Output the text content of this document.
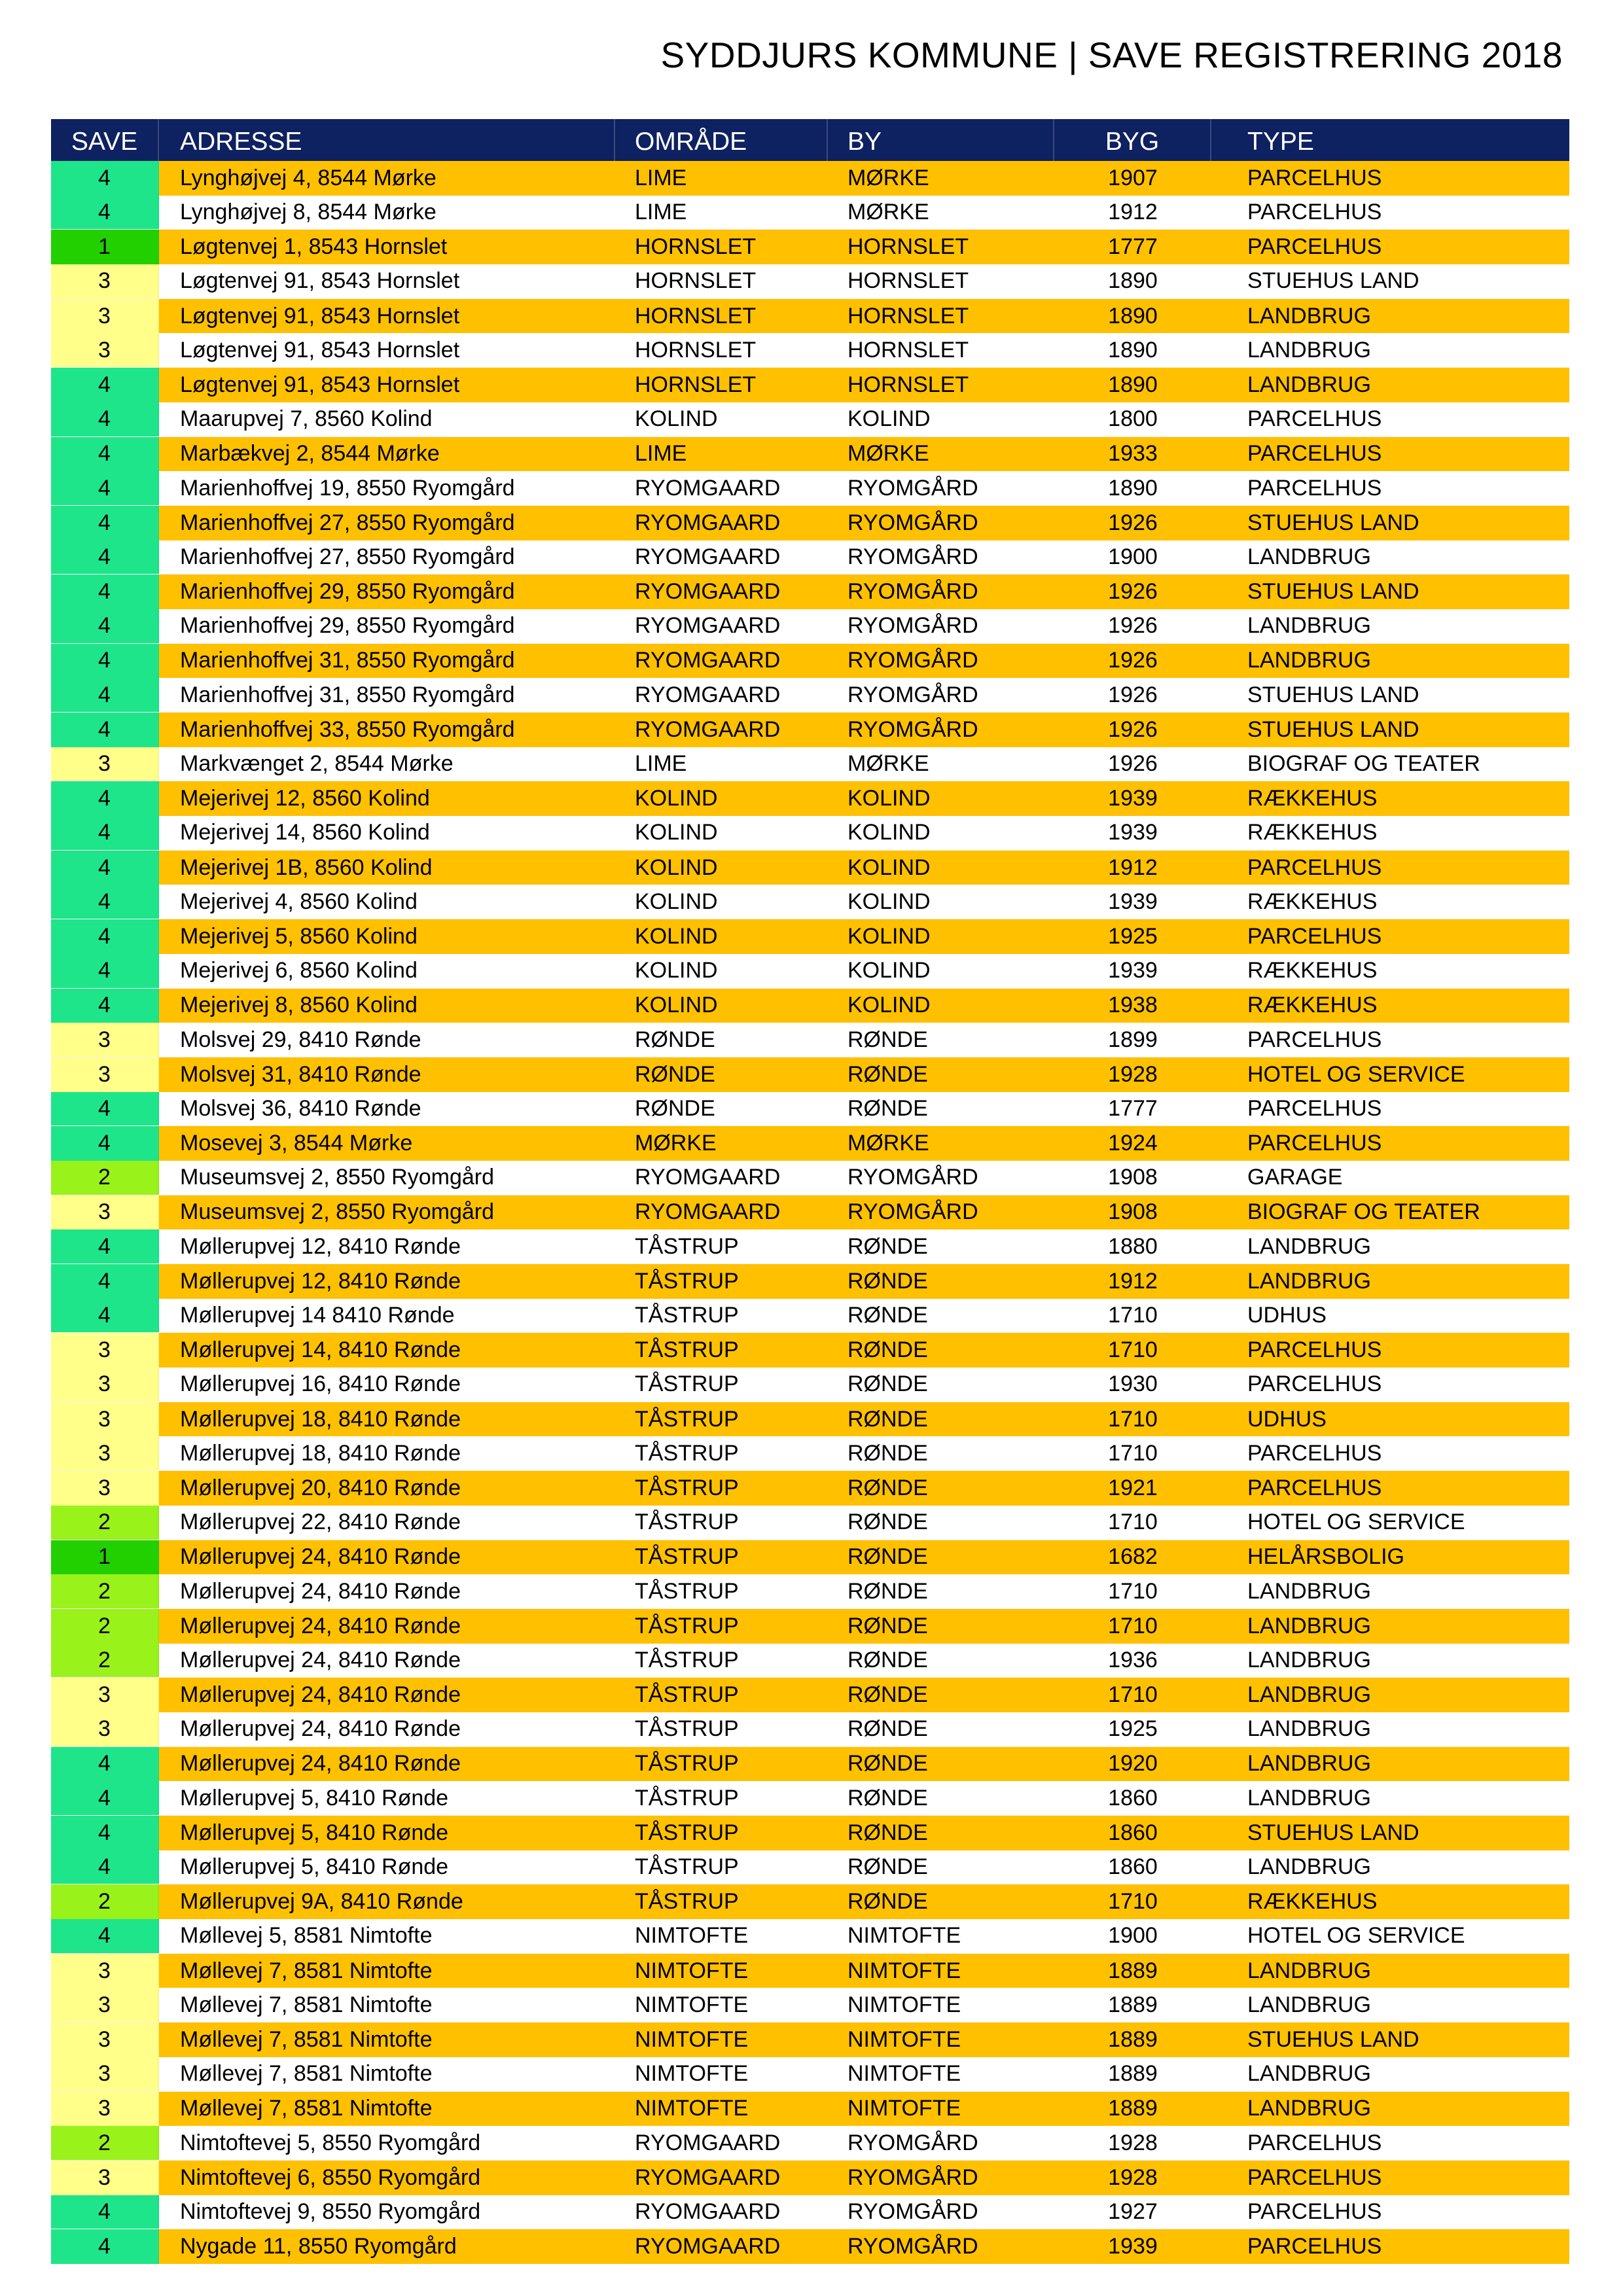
SYDDJURS KOMMUNE | SAVE REGISTRERING 2018
SAVE	ADRESSE	OMRÅDE	BY	BYG	TYPE
4	Lynghøjvej 4, 8544 Mørke	LIME	MØRKE	1907	PARCELHUS
4	Lynghøjvej 8, 8544 Mørke	LIME	MØRKE	1912	PARCELHUS
1	Løgtenvej 1, 8543 Hornslet	HORNSLET	HORNSLET	1777	PARCELHUS
3	Løgtenvej 91, 8543 Hornslet	HORNSLET	HORNSLET	1890	STUEHUS LAND
3	Løgtenvej 91, 8543 Hornslet	HORNSLET	HORNSLET	1890	LANDBRUG
3	Løgtenvej 91, 8543 Hornslet	HORNSLET	HORNSLET	1890	LANDBRUG
4	Løgtenvej 91, 8543 Hornslet	HORNSLET	HORNSLET	1890	LANDBRUG
4	Maarupvej 7, 8560 Kolind	KOLIND	KOLIND	1800	PARCELHUS
4	Marbækvej 2, 8544 Mørke	LIME	MØRKE	1933	PARCELHUS
4	Marienhoffvej 19, 8550 Ryomgård	RYOMGAARD	RYOMGÅRD	1890	PARCELHUS
4	Marienhoffvej 27, 8550 Ryomgård	RYOMGAARD	RYOMGÅRD	1926	STUEHUS LAND
4	Marienhoffvej 27, 8550 Ryomgård	RYOMGAARD	RYOMGÅRD	1900	LANDBRUG
4	Marienhoffvej 29, 8550 Ryomgård	RYOMGAARD	RYOMGÅRD	1926	STUEHUS LAND
4	Marienhoffvej 29, 8550 Ryomgård	RYOMGAARD	RYOMGÅRD	1926	LANDBRUG
4	Marienhoffvej 31, 8550 Ryomgård	RYOMGAARD	RYOMGÅRD	1926	LANDBRUG
4	Marienhoffvej 31, 8550 Ryomgård	RYOMGAARD	RYOMGÅRD	1926	STUEHUS LAND
4	Marienhoffvej 33, 8550 Ryomgård	RYOMGAARD	RYOMGÅRD	1926	STUEHUS LAND
3	Markvænget 2, 8544 Mørke	LIME	MØRKE	1926	BIOGRAF OG TEATER
4	Mejerivej 12, 8560 Kolind	KOLIND	KOLIND	1939	RÆKKEHUS
4	Mejerivej 14, 8560 Kolind	KOLIND	KOLIND	1939	RÆKKEHUS
4	Mejerivej 1B, 8560 Kolind	KOLIND	KOLIND	1912	PARCELHUS
4	Mejerivej 4, 8560 Kolind	KOLIND	KOLIND	1939	RÆKKEHUS
4	Mejerivej 5, 8560 Kolind	KOLIND	KOLIND	1925	PARCELHUS
4	Mejerivej 6, 8560 Kolind	KOLIND	KOLIND	1939	RÆKKEHUS
4	Mejerivej 8, 8560 Kolind	KOLIND	KOLIND	1938	RÆKKEHUS
3	Molsvej 29, 8410 Rønde	RØNDE	RØNDE	1899	PARCELHUS
3	Molsvej 31, 8410 Rønde	RØNDE	RØNDE	1928	HOTEL OG SERVICE
4	Molsvej 36, 8410 Rønde	RØNDE	RØNDE	1777	PARCELHUS
4	Mosevej 3, 8544 Mørke	MØRKE	MØRKE	1924	PARCELHUS
2	Museumsvej 2, 8550 Ryomgård	RYOMGAARD	RYOMGÅRD	1908	GARAGE
3	Museumsvej 2, 8550 Ryomgård	RYOMGAARD	RYOMGÅRD	1908	BIOGRAF OG TEATER
4	Møllerupvej 12, 8410 Rønde	TÅSTRUP	RØNDE	1880	LANDBRUG
4	Møllerupvej 12, 8410 Rønde	TÅSTRUP	RØNDE	1912	LANDBRUG
4	Møllerupvej 14 8410 Rønde	TÅSTRUP	RØNDE	1710	UDHUS
3	Møllerupvej 14, 8410 Rønde	TÅSTRUP	RØNDE	1710	PARCELHUS
3	Møllerupvej 16, 8410 Rønde	TÅSTRUP	RØNDE	1930	PARCELHUS
3	Møllerupvej 18, 8410 Rønde	TÅSTRUP	RØNDE	1710	UDHUS
3	Møllerupvej 18, 8410 Rønde	TÅSTRUP	RØNDE	1710	PARCELHUS
3	Møllerupvej 20, 8410 Rønde	TÅSTRUP	RØNDE	1921	PARCELHUS
2	Møllerupvej 22, 8410 Rønde	TÅSTRUP	RØNDE	1710	HOTEL OG SERVICE
1	Møllerupvej 24, 8410 Rønde	TÅSTRUP	RØNDE	1682	HELÅRSBOLIG
2	Møllerupvej 24, 8410 Rønde	TÅSTRUP	RØNDE	1710	LANDBRUG
2	Møllerupvej 24, 8410 Rønde	TÅSTRUP	RØNDE	1710	LANDBRUG
2	Møllerupvej 24, 8410 Rønde	TÅSTRUP	RØNDE	1936	LANDBRUG
3	Møllerupvej 24, 8410 Rønde	TÅSTRUP	RØNDE	1710	LANDBRUG
3	Møllerupvej 24, 8410 Rønde	TÅSTRUP	RØNDE	1925	LANDBRUG
4	Møllerupvej 24, 8410 Rønde	TÅSTRUP	RØNDE	1920	LANDBRUG
4	Møllerupvej 5, 8410 Rønde	TÅSTRUP	RØNDE	1860	LANDBRUG
4	Møllerupvej 5, 8410 Rønde	TÅSTRUP	RØNDE	1860	STUEHUS LAND
4	Møllerupvej 5, 8410 Rønde	TÅSTRUP	RØNDE	1860	LANDBRUG
2	Møllerupvej 9A, 8410 Rønde	TÅSTRUP	RØNDE	1710	RÆKKEHUS
4	Møllevej 5, 8581 Nimtofte	NIMTOFTE	NIMTOFTE	1900	HOTEL OG SERVICE
3	Møllevej 7, 8581 Nimtofte	NIMTOFTE	NIMTOFTE	1889	LANDBRUG
3	Møllevej 7, 8581 Nimtofte	NIMTOFTE	NIMTOFTE	1889	LANDBRUG
3	Møllevej 7, 8581 Nimtofte	NIMTOFTE	NIMTOFTE	1889	STUEHUS LAND
3	Møllevej 7, 8581 Nimtofte	NIMTOFTE	NIMTOFTE	1889	LANDBRUG
3	Møllevej 7, 8581 Nimtofte	NIMTOFTE	NIMTOFTE	1889	LANDBRUG
2	Nimtoftevej 5, 8550 Ryomgård	RYOMGAARD	RYOMGÅRD	1928	PARCELHUS
3	Nimtoftevej 6, 8550 Ryomgård	RYOMGAARD	RYOMGÅRD	1928	PARCELHUS
4	Nimtoftevej 9, 8550 Ryomgård	RYOMGAARD	RYOMGÅRD	1927	PARCELHUS
4	Nygade 11, 8550 Ryomgård	RYOMGAARD	RYOMGÅRD	1939	PARCELHUS
